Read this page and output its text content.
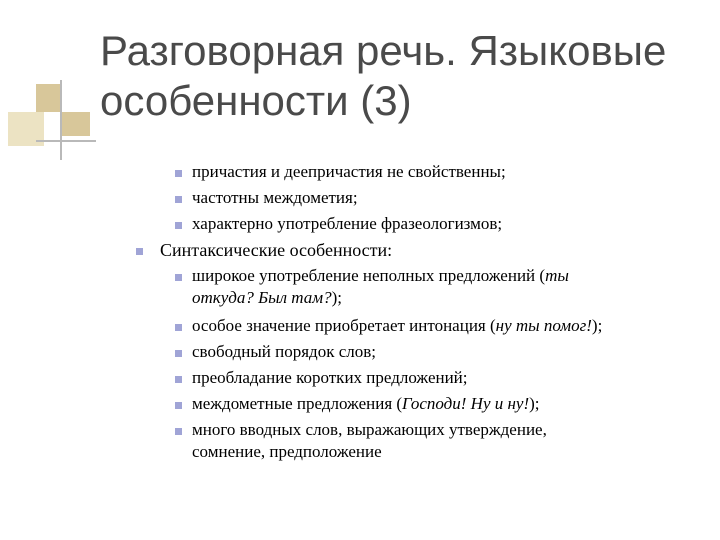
Разговорная речь. Языковые
особенности (3)
причастия и деепричастия не свойственны;
частотны междометия;
характерно употребление фразеологизмов;
Синтаксические особенности:
широкое употребление неполных предложений (ты
откуда? Был там?);
особое значение приобретает интонация (ну ты помог!);
свободный порядок слов;
преобладание коротких предложений;
междометные предложения (Господи! Ну и ну!);
много вводных слов, выражающих утверждение,
сомнение, предположение
